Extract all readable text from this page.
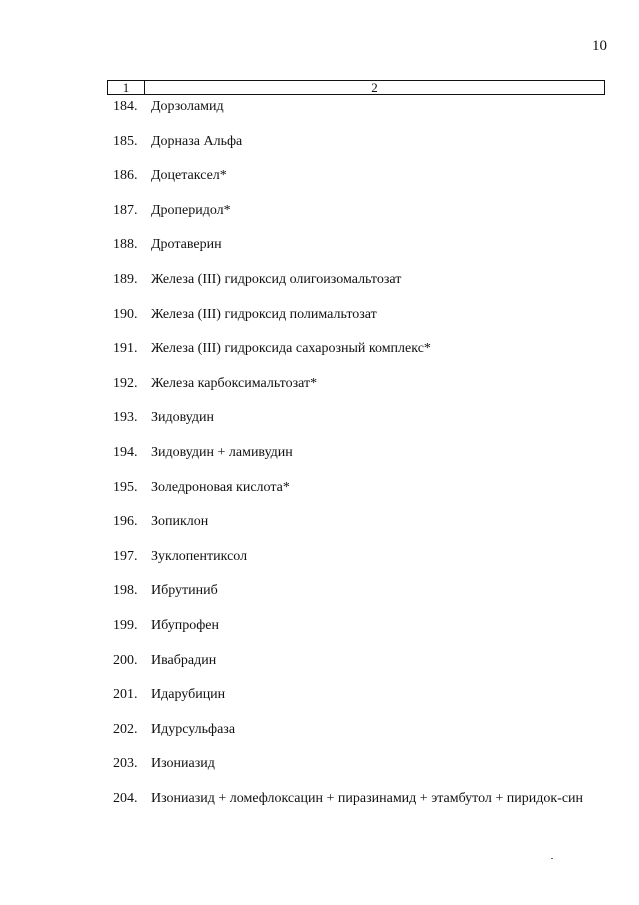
10
1	2
184. Дорзоламид
185. Дорназа Альфа
186. Доцетаксел*
187. Дроперидол*
188. Дротаверин
189. Железа (III) гидроксид олигоизомальтозат
190. Железа (III) гидроксид полимальтозат
191. Железа (III) гидроксида сахарозный комплекс*
192. Железа карбоксимальтозат*
193. Зидовудин
194. Зидовудин + ламивудин
195. Золедроновая кислота*
196. Зопиклон
197. Зуклопентиксол
198. Ибрутиниб
199. Ибупрофен
200. Ивабрадин
201. Идарубицин
202. Идурсульфаза
203. Изониазид
204. Изониазид + ломефлоксацин + пиразинамид + этамбутол + пиридок-син
